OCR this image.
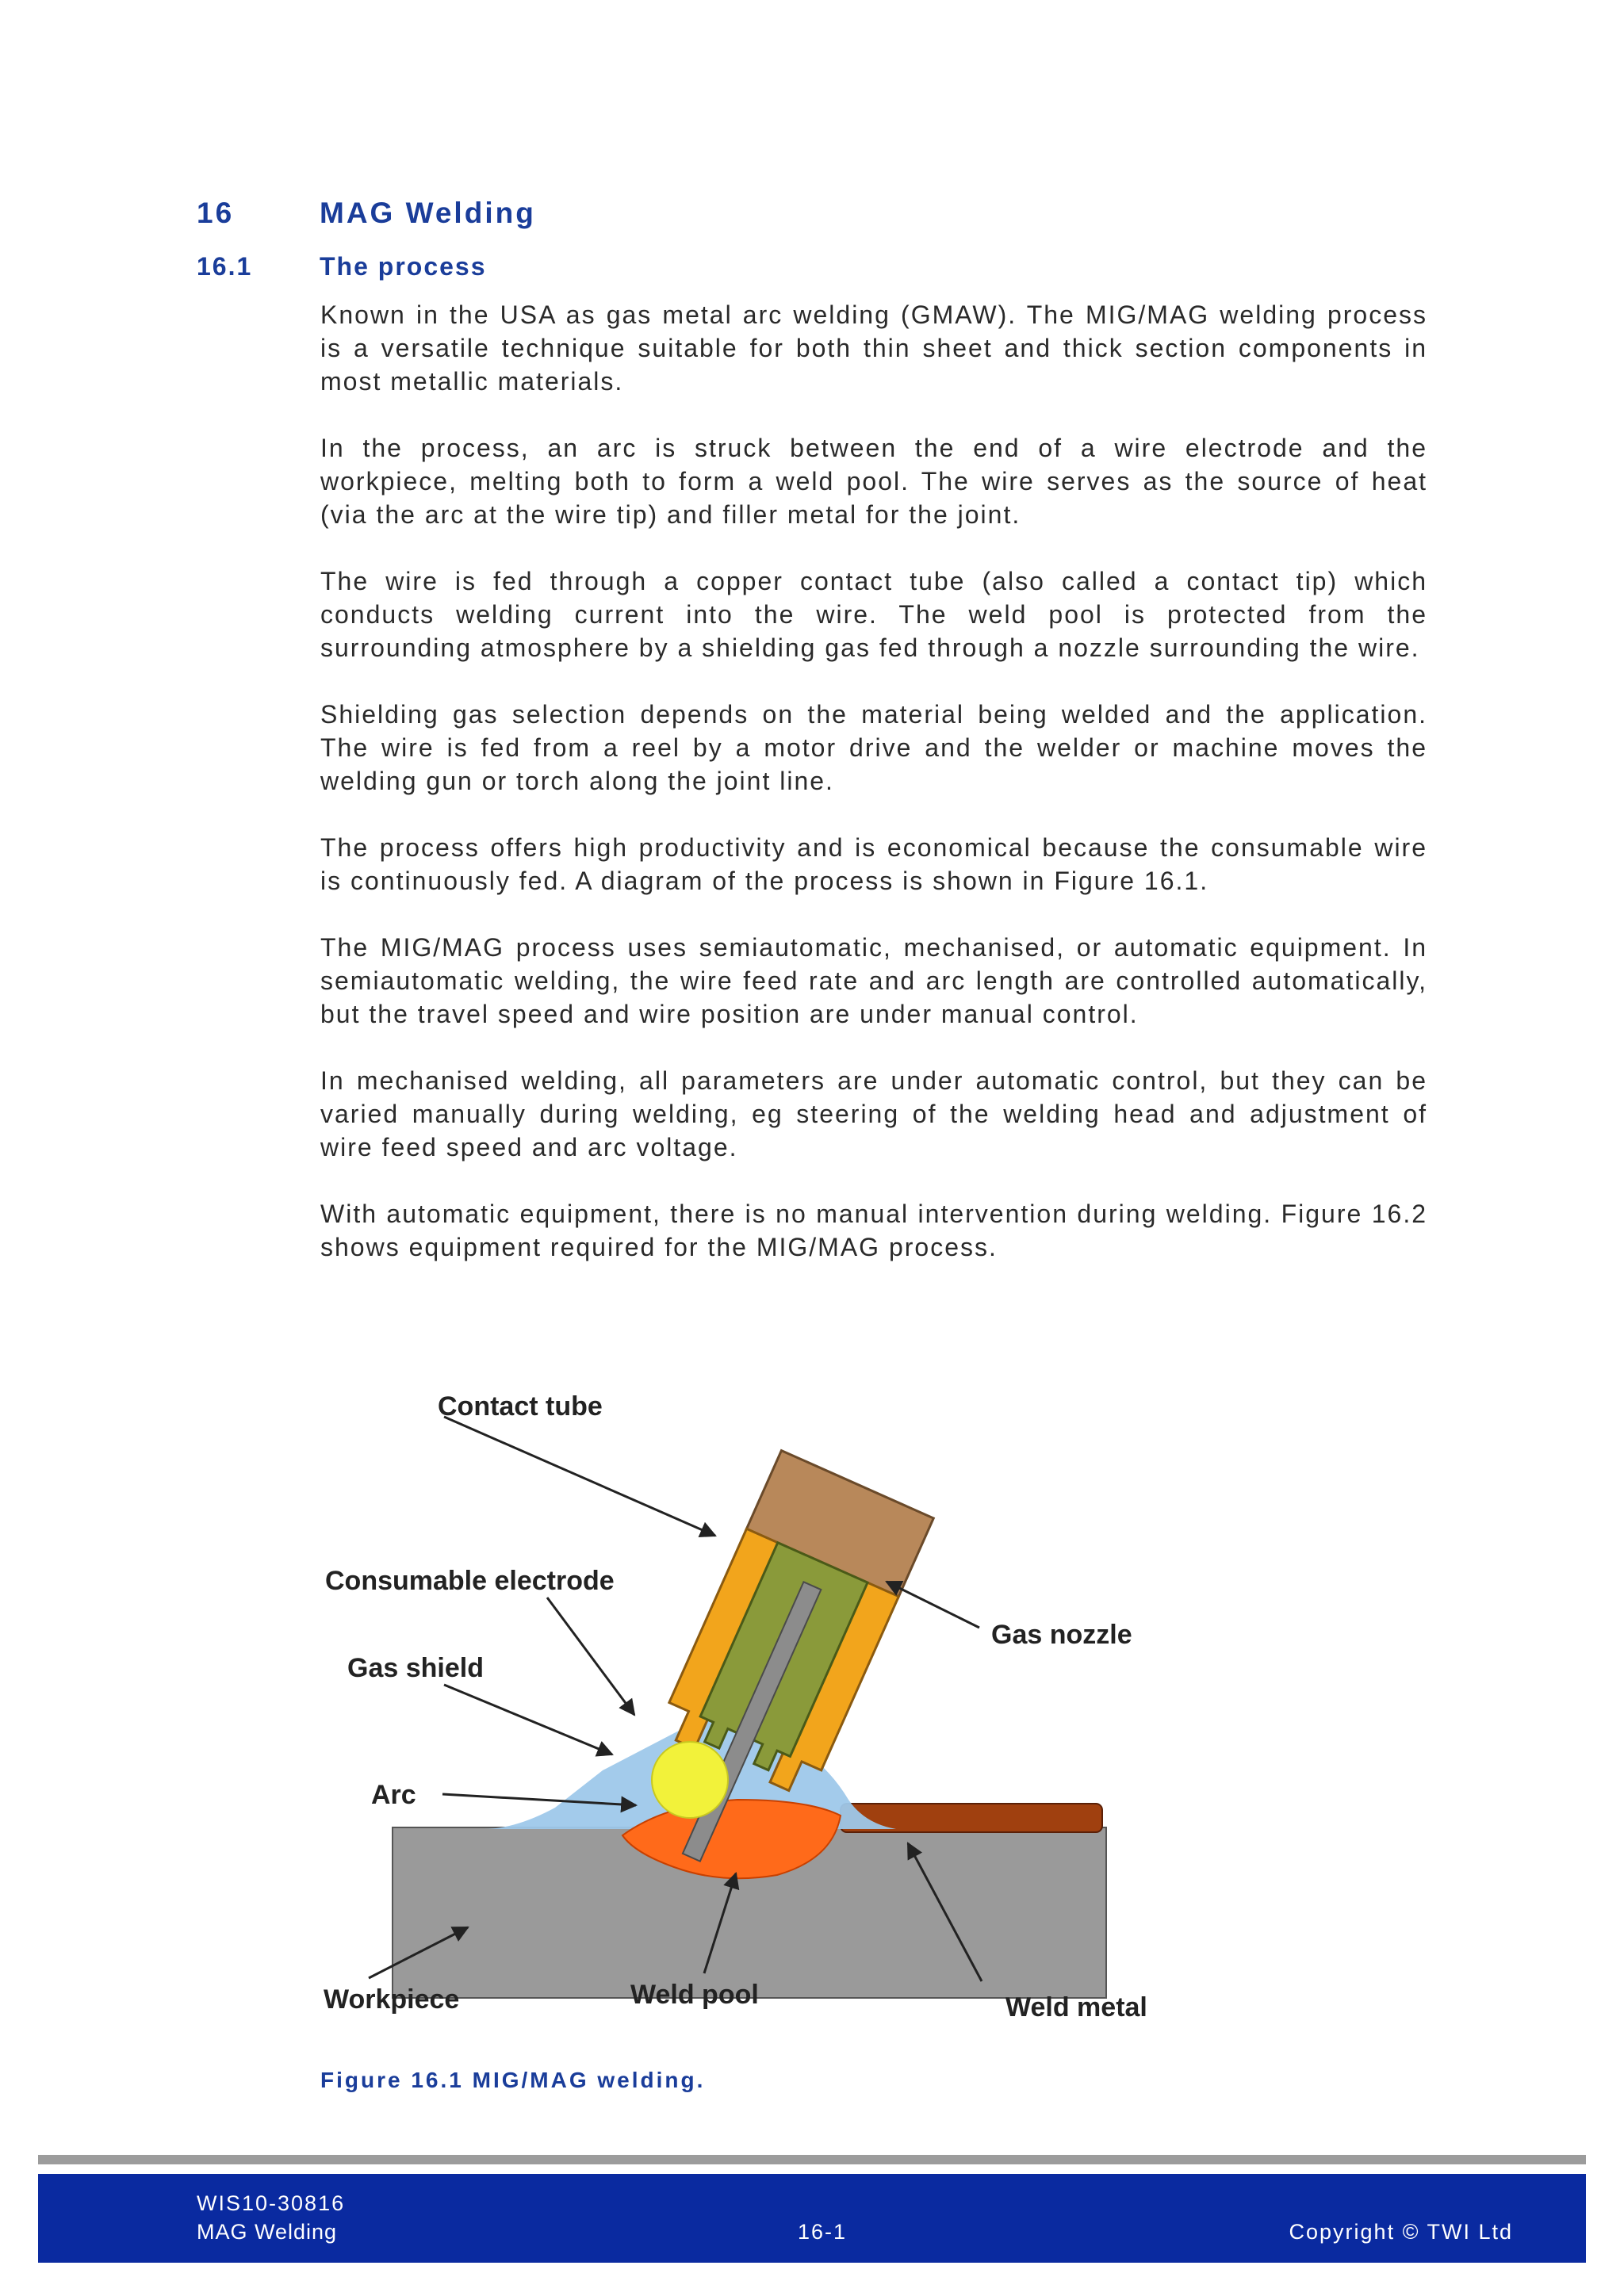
16	MAG Welding
16.1	The process

Known in the USA as gas metal arc welding (GMAW). The MIG/MAG welding process is a versatile technique suitable for both thin sheet and thick section components in most metallic materials.

In the process, an arc is struck between the end of a wire electrode and the workpiece, melting both to form a weld pool. The wire serves as the source of heat (via the arc at the wire tip) and filler metal for the joint.

The wire is fed through a copper contact tube (also called a contact tip) which conducts welding current into the wire. The weld pool is protected from the surrounding atmosphere by a shielding gas fed through a nozzle surrounding the wire.

Shielding gas selection depends on the material being welded and the application. The wire is fed from a reel by a motor drive and the welder or machine moves the welding gun or torch along the joint line.

The process offers high productivity and is economical because the consumable wire is continuously fed. A diagram of the process is shown in Figure 16.1.

The MIG/MAG process uses semiautomatic, mechanised, or automatic equipment. In semiautomatic welding, the wire feed rate and arc length are controlled automatically, but the travel speed and wire position are under manual control.

In mechanised welding, all parameters are under automatic control, but they can be varied manually during welding, eg steering of the welding head and adjustment of wire feed speed and arc voltage.

With automatic equipment, there is no manual intervention during welding. Figure 16.2 shows equipment required for the MIG/MAG process.

Contact tube
Consumable electrode
Gas nozzle
Gas shield
Arc
Workpiece	Weld pool	Weld metal
Figure 16.1 MIG/MAG welding.
WIS10-30816
MAG Welding	16-1	Copyright © TWI Ltd
